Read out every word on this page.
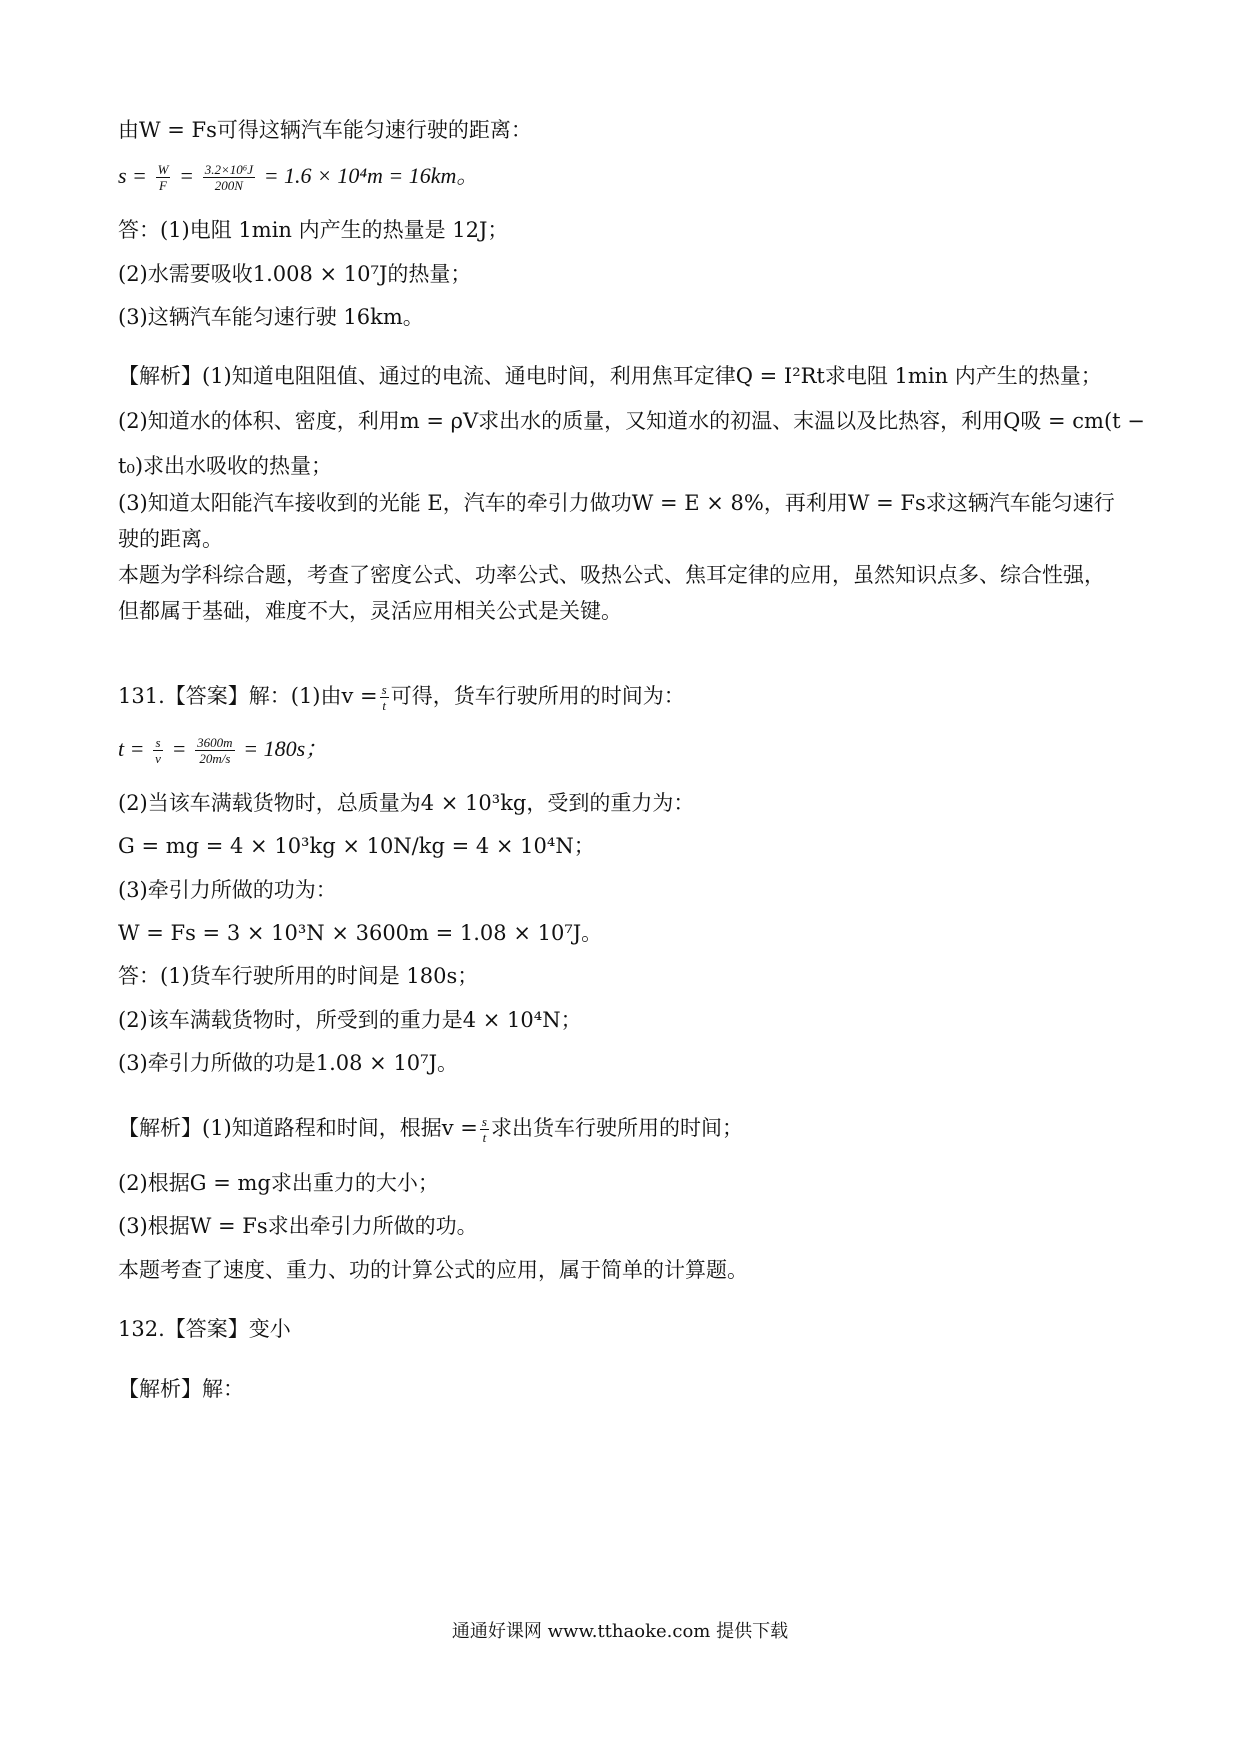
由W = Fs可得这辆汽车能匀速行驶的距离：
$s = \frac{W}{F} = \frac{\text{3.2×10⁶J}}{200N} = 1.6 \times 10^4m = 16km$。
答：(1)电阻 1min 内产生的热量是 12J；
(2)水需要吸收1.008 × 10⁷J的热量；
(3)这辆汽车能匀速行驶 16km。
【解析】(1)知道电阻阻值、通过的电流、通电时间，利用焦耳定律Q = I²Rt求电阻 1min 内产生的热量；
(2)知道水的体积、密度，利用m = ρV求出水的质量，又知道水的初温、末温以及比热容，利用Q吸 = cm(t −
t₀)求出水吸收的热量；
(3)知道太阳能汽车接收到的光能 E，汽车的牵引力做功W = E × 8%，再利用W = Fs求这辆汽车能匀速行
驶的距离。
本题为学科综合题，考查了密度公式、功率公式、吸热公式、焦耳定律的应用，虽然知识点多、综合性强，
但都属于基础，难度不大，灵活应用相关公式是关键。
131.【答案】解：(1)由$v = \frac{s}{t}$ 可得，货车行驶所用的时间为：
$t = \frac{s}{v} = \frac{3600m}{20m/s} = 180s$；
(2)当该车满载货物时，总质量为4 × 10³kg，受到的重力为：
G = mg = 4 × 10³kg × 10N/kg = 4 × 10⁴N；
(3)牵引力所做的功为：
W = Fs = 3 × 10³N × 3600m = 1.08 × 10⁷J。
答：(1)货车行驶所用的时间是 180s；
(2)该车满载货物时，所受到的重力是4 × 10⁴N；
(3)牵引力所做的功是1.08 × 10⁷J。
【解析】(1)知道路程和时间，根据$v = \frac{s}{t}$ 求出货车行驶所用的时间；
(2)根据G = mg求出重力的大小；
(3)根据W = Fs求出牵引力所做的功。
本题考查了速度、重力、功的计算公式的应用，属于简单的计算题。
132.【答案】变小
【解析】解：
通通好课网 www.tthaoke.com 提供下载
